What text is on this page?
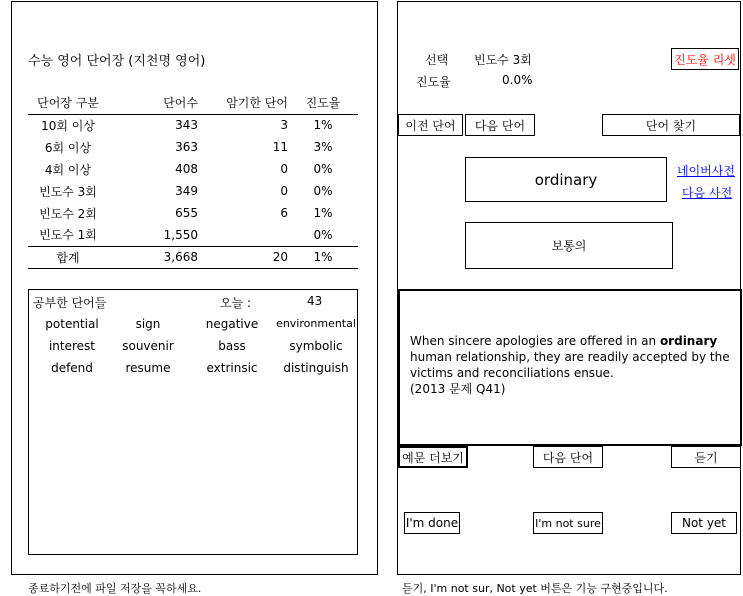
수능 영어 단어장 (지천명 영어)
단어장 구분	단어수	암기한 단어	진도율
10회 이상	343	3	1%
6회 이상	363	11	3%
4회 이상	408	0	0%
빈도수 3회	349	0	0%
빈도수 2회	655	6	1%
빈도수 1회	1,550		0%
합계	3,668	20	1%
공부한 단어들	오늘 :	43
potential	sign	negative	environmental
interest	souvenir	bass	symbolic
defend	resume	extrinsic	distinguish
종료하기전에 파일 저장을 꼭하세요.
선택 빈도수 3회
진도율	0.0%
진도율 리셋
이전 단어 다음 단어	단어 찾기
ordinary	네이버사전
다음 사전
보통의
When sincere apologies are offered in an ordinary human relationship, they are readily accepted by the victims and reconciliations ensue.
(2013 문제 Q41)
예문 더보기	다음 단어	듣기
I'm done	I'm not sure	Not yet
듣기, I'm not sur, Not yet 버튼은 기능 구현중입니다.
